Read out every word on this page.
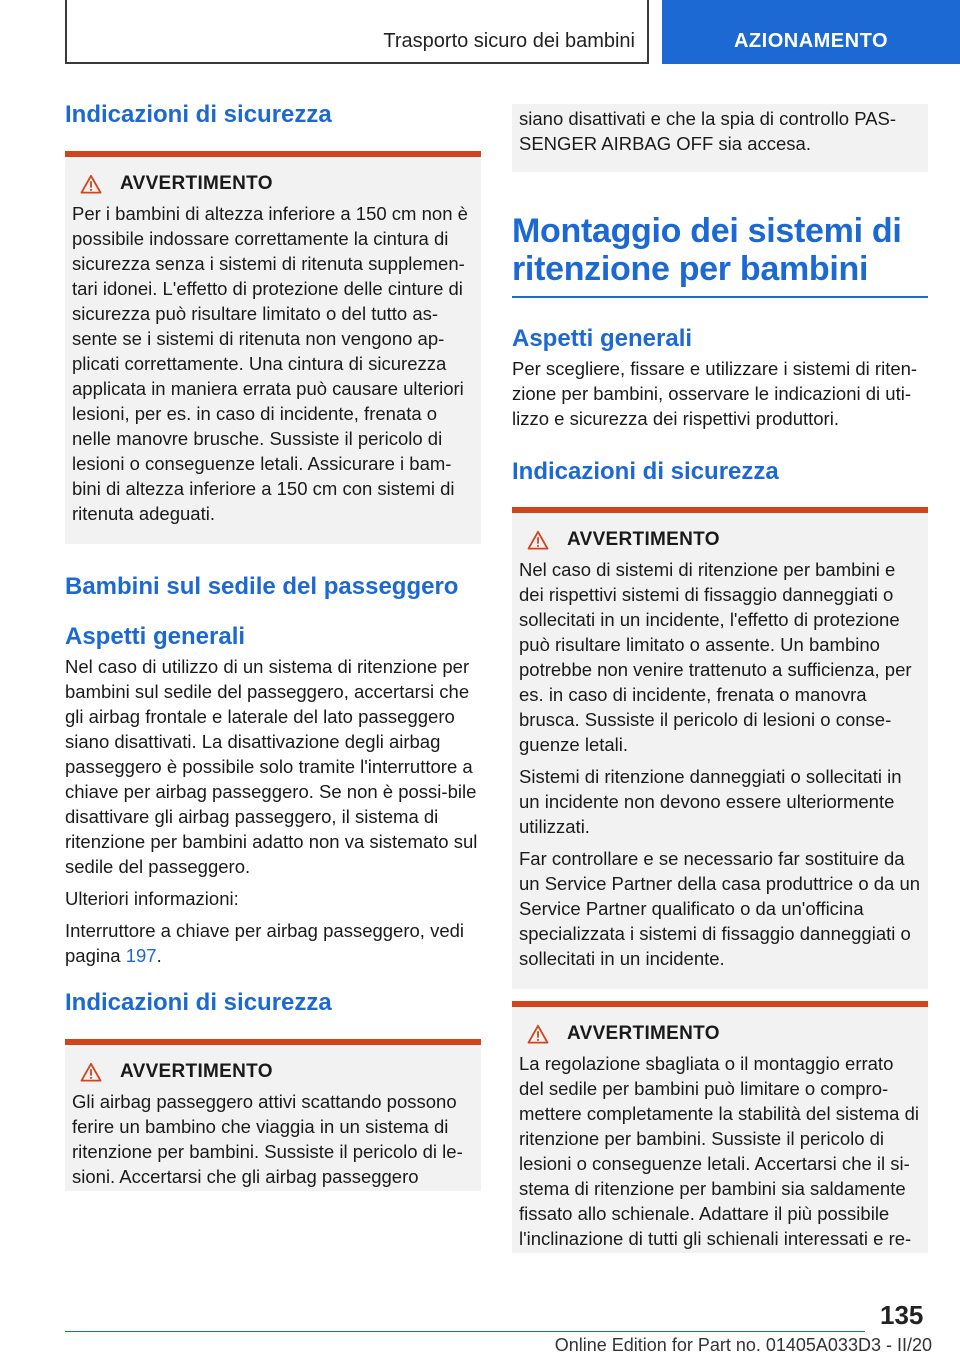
Trasporto sicuro dei bambini	AZIONAMENTO
Indicazioni di sicurezza
AVVERTIMENTO

Per i bambini di altezza inferiore a 150 cm non è possibile indossare correttamente la cintura di sicurezza senza i sistemi di ritenuta supplemen-tari idonei. L'effetto di protezione delle cinture di sicurezza può risultare limitato o del tutto as-sente se i sistemi di ritenuta non vengono ap-plicati correttamente. Una cintura di sicurezza applicata in maniera errata può causare ulteriori lesioni, per es. in caso di incidente, frenata o nelle manovre brusche. Sussiste il pericolo di lesioni o conseguenze letali. Assicurare i bam-bini di altezza inferiore a 150 cm con sistemi di ritenuta adeguati.

Bambini sul sedile del passeggero
Aspetti generali

Nel caso di utilizzo di un sistema di ritenzione per bambini sul sedile del passeggero, accertarsi che gli airbag frontale e laterale del lato passeggero siano disattivati. La disattivazione degli airbag passeggero è possibile solo tramite l'interruttore a chiave per airbag passeggero. Se non è possi-bile disattivare gli airbag passeggero, il sistema di ritenzione per bambini adatto non va sistemato sul sedile del passeggero.

Ulteriori informazioni:

Interruttore a chiave per airbag passeggero, vedi pagina 197.

Indicazioni di sicurezza
AVVERTIMENTO

Gli airbag passeggero attivi scattando possono ferire un bambino che viaggia in un sistema di ritenzione per bambini. Sussiste il pericolo di le-sioni. Accertarsi che gli airbag passeggero

siano disattivati e che la spia di controllo PAS-SENGER AIRBAG OFF sia accesa.

Montaggio dei sistemi di ritenzione per bambini
Aspetti generali

Per scegliere, fissare e utilizzare i sistemi di riten-zione per bambini, osservare le indicazioni di uti-lizzo e sicurezza dei rispettivi produttori.

Indicazioni di sicurezza
AVVERTIMENTO

Nel caso di sistemi di ritenzione per bambini e dei rispettivi sistemi di fissaggio danneggiati o sollecitati in un incidente, l'effetto di protezione può risultare limitato o assente. Un bambino potrebbe non venire trattenuto a sufficienza, per es. in caso di incidente, frenata o manovra brusca. Sussiste il pericolo di lesioni o conse-guenze letali.

Sistemi di ritenzione danneggiati o sollecitati in un incidente non devono essere ulteriormente utilizzati.

Far controllare e se necessario far sostituire da un Service Partner della casa produttrice o da un Service Partner qualificato o da un'officina specializzata i sistemi di fissaggio danneggiati o sollecitati in un incidente.

AVVERTIMENTO

La regolazione sbagliata o il montaggio errato del sedile per bambini può limitare o compro-mettere completamente la stabilità del sistema di ritenzione per bambini. Sussiste il pericolo di lesioni o conseguenze letali. Accertarsi che il si-stema di ritenzione per bambini sia saldamente fissato allo schienale. Adattare il più possibile l'inclinazione di tutti gli schienali interessati e re-

135
Online Edition for Part no. 01405A033D3 - II/20
